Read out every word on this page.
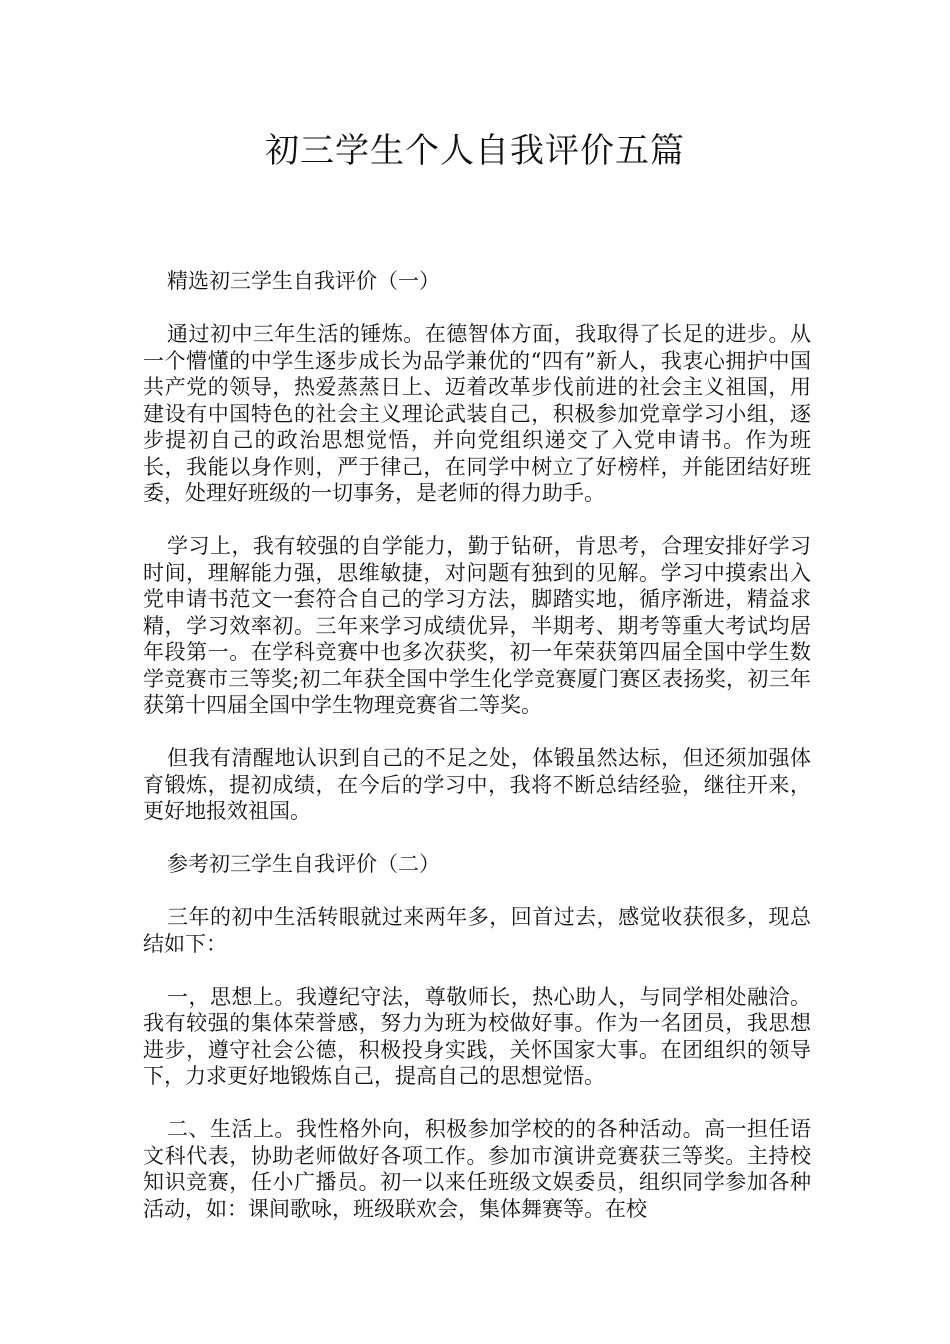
初三学生个人自我评价五篇

精选初三学生自我评价（一）

通过初中三年生活的锤炼。在德智体方面，我取得了长足的进步。从一个懵懂的中学生逐步成长为品学兼优的“四有”新人，我衷心拥护中国共产党的领导，热爱蒸蒸日上、迈着改革步伐前进的社会主义祖国，用建设有中国特色的社会主义理论武装自己，积极参加党章学习小组，逐步提初自己的政治思想觉悟，并向党组织递交了入党申请书。作为班长，我能以身作则，严于律己，在同学中树立了好榜样，并能团结好班委，处理好班级的一切事务，是老师的得力助手。

学习上，我有较强的自学能力，勤于钻研，肯思考，合理安排好学习时间，理解能力强，思维敏捷，对问题有独到的见解。学习中摸索出入党申请书范文一套符合自己的学习方法，脚踏实地，循序渐进，精益求精，学习效率初。三年来学习成绩优异，半期考、期考等重大考试均居年段第一。在学科竞赛中也多次获奖，初一年荣获第四届全国中学生数学竞赛市三等奖;初二年获全国中学生化学竞赛厦门赛区表扬奖，初三年获第十四届全国中学生物理竞赛省二等奖。

但我有清醒地认识到自己的不足之处，体锻虽然达标，但还须加强体育锻炼，提初成绩，在今后的学习中，我将不断总结经验，继往开来，更好地报效祖国。

参考初三学生自我评价（二）

三年的初中生活转眼就过来两年多，回首过去，感觉收获很多，现总结如下：

一，思想上。我遵纪守法，尊敬师长，热心助人，与同学相处融洽。我有较强的集体荣誉感，努力为班为校做好事。作为一名团员，我思想进步，遵守社会公德，积极投身实践，关怀国家大事。在团组织的领导下，力求更好地锻炼自己，提高自己的思想觉悟。

二、生活上。我性格外向，积极参加学校的的各种活动。高一担任语文科代表，协助老师做好各项工作。参加市演讲竞赛获三等奖。主持校知识竞赛，任小广播员。初一以来任班级文娱委员，组织同学参加各种活动，如：课间歌咏，班级联欢会，集体舞赛等。在校
